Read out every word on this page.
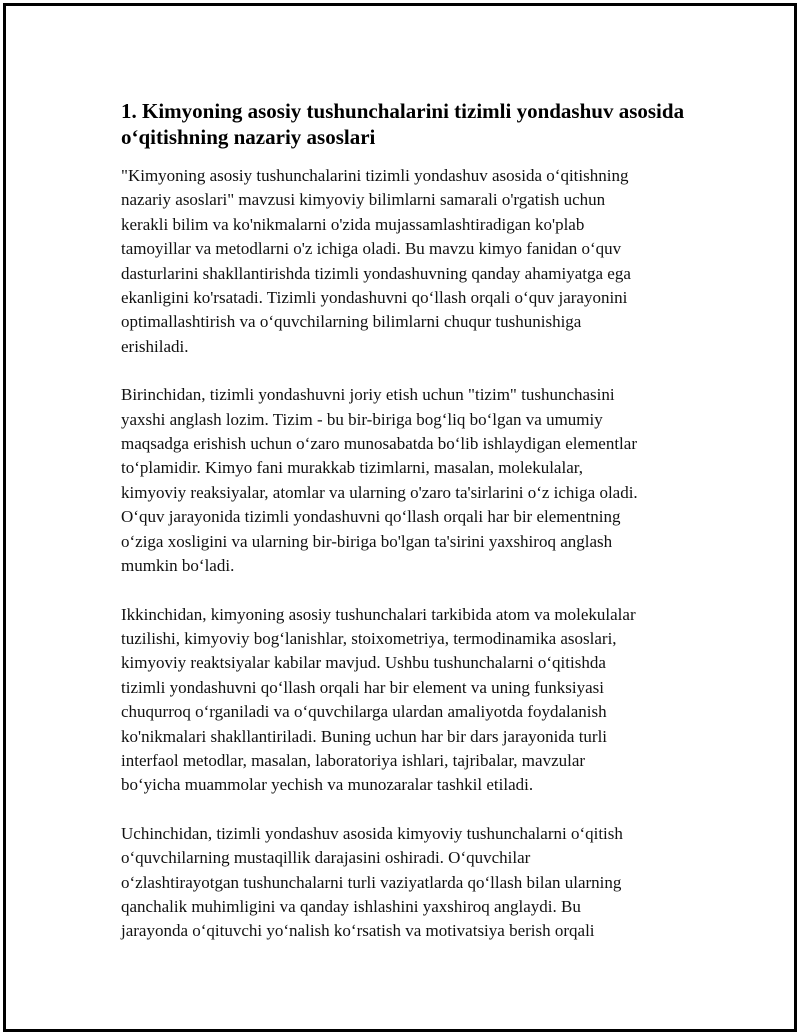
1. Kimyoning asosiy tushunchalarini tizimli yondashuv asosida
o‘qitishning nazariy asoslari

"Kimyoning asosiy tushunchalarini tizimli yondashuv asosida o‘qitishning
nazariy asoslari" mavzusi kimyoviy bilimlarni samarali o'rgatish uchun
kerakli bilim va ko'nikmalarni o'zida mujassamlashtiradigan ko'plab
tamoyillar va metodlarni o'z ichiga oladi. Bu mavzu kimyo fanidan o‘quv
dasturlarini shakllantirishda tizimli yondashuvning qanday ahamiyatga ega
ekanligini ko'rsatadi. Tizimli yondashuvni qo‘llash orqali o‘quv jarayonini
optimallashtirish va o‘quvchilarning bilimlarni chuqur tushunishiga
erishiladi.

Birinchidan, tizimli yondashuvni joriy etish uchun "tizim" tushunchasini
yaxshi anglash lozim. Tizim - bu bir-biriga bog‘liq bo‘lgan va umumiy
maqsadga erishish uchun o‘zaro munosabatda bo‘lib ishlaydigan elementlar
to‘plamidir. Kimyo fani murakkab tizimlarni, masalan, molekulalar,
kimyoviy reaksiyalar, atomlar va ularning o'zaro ta'sirlarini o‘z ichiga oladi.
O‘quv jarayonida tizimli yondashuvni qo‘llash orqali har bir elementning
o‘ziga xosligini va ularning bir-biriga bo'lgan ta'sirini yaxshiroq anglash
mumkin bo‘ladi.

Ikkinchidan, kimyoning asosiy tushunchalari tarkibida atom va molekulalar
tuzilishi, kimyoviy bog‘lanishlar, stoixometriya, termodinamika asoslari,
kimyoviy reaktsiyalar kabilar mavjud. Ushbu tushunchalarni o‘qitishda
tizimli yondashuvni qo‘llash orqali har bir element va uning funksiyasi
chuqurroq o‘rganiladi va o‘quvchilarga ulardan amaliyotda foydalanish
ko'nikmalari shakllantiriladi. Buning uchun har bir dars jarayonida turli
interfaol metodlar, masalan, laboratoriya ishlari, tajribalar, mavzular
bo‘yicha muammolar yechish va munozaralar tashkil etiladi.

Uchinchidan, tizimli yondashuv asosida kimyoviy tushunchalarni o‘qitish
o‘quvchilarning mustaqillik darajasini oshiradi. O‘quvchilar
o‘zlashtirayotgan tushunchalarni turli vaziyatlarda qo‘llash bilan ularning
qanchalik muhimligini va qanday ishlashini yaxshiroq anglaydi. Bu
jarayonda o‘qituvchi yo‘nalish ko‘rsatish va motivatsiya berish orqali
